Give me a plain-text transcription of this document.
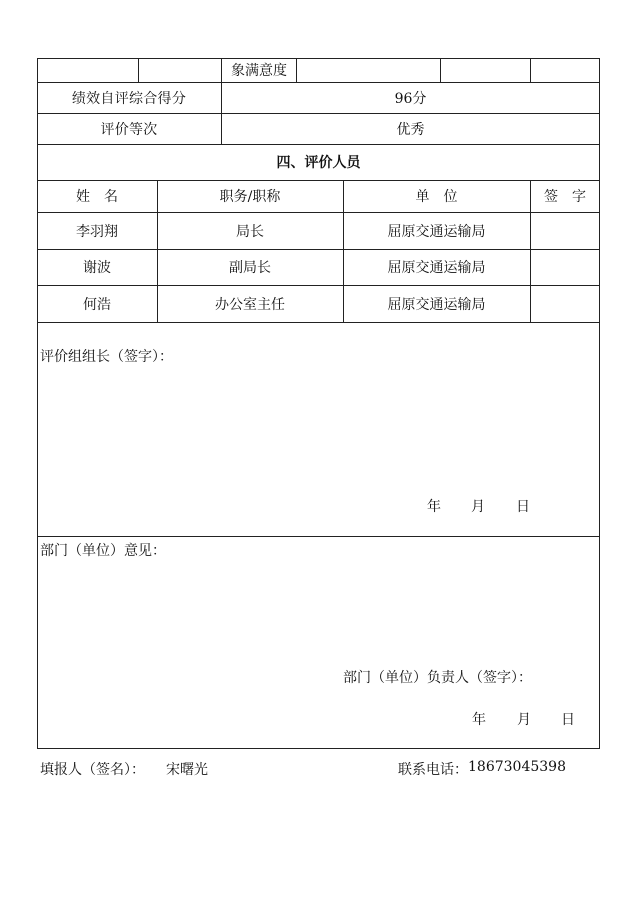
象满意度
绩效自评综合得分	96分
评价等次	优秀
四、评价人员
姓　名	职务/职称	单　位	签　字
李羽翔	局长	屈原交通运输局
谢波	副局长	屈原交通运输局
何浩	办公室主任	屈原交通运输局
评价组组长（签字）：
年 月 日
部门（单位）意见：
部门（单位）负责人（签字）：
年 月 日
填报人（签名）： 宋曙光	联系电话： 18673045398
